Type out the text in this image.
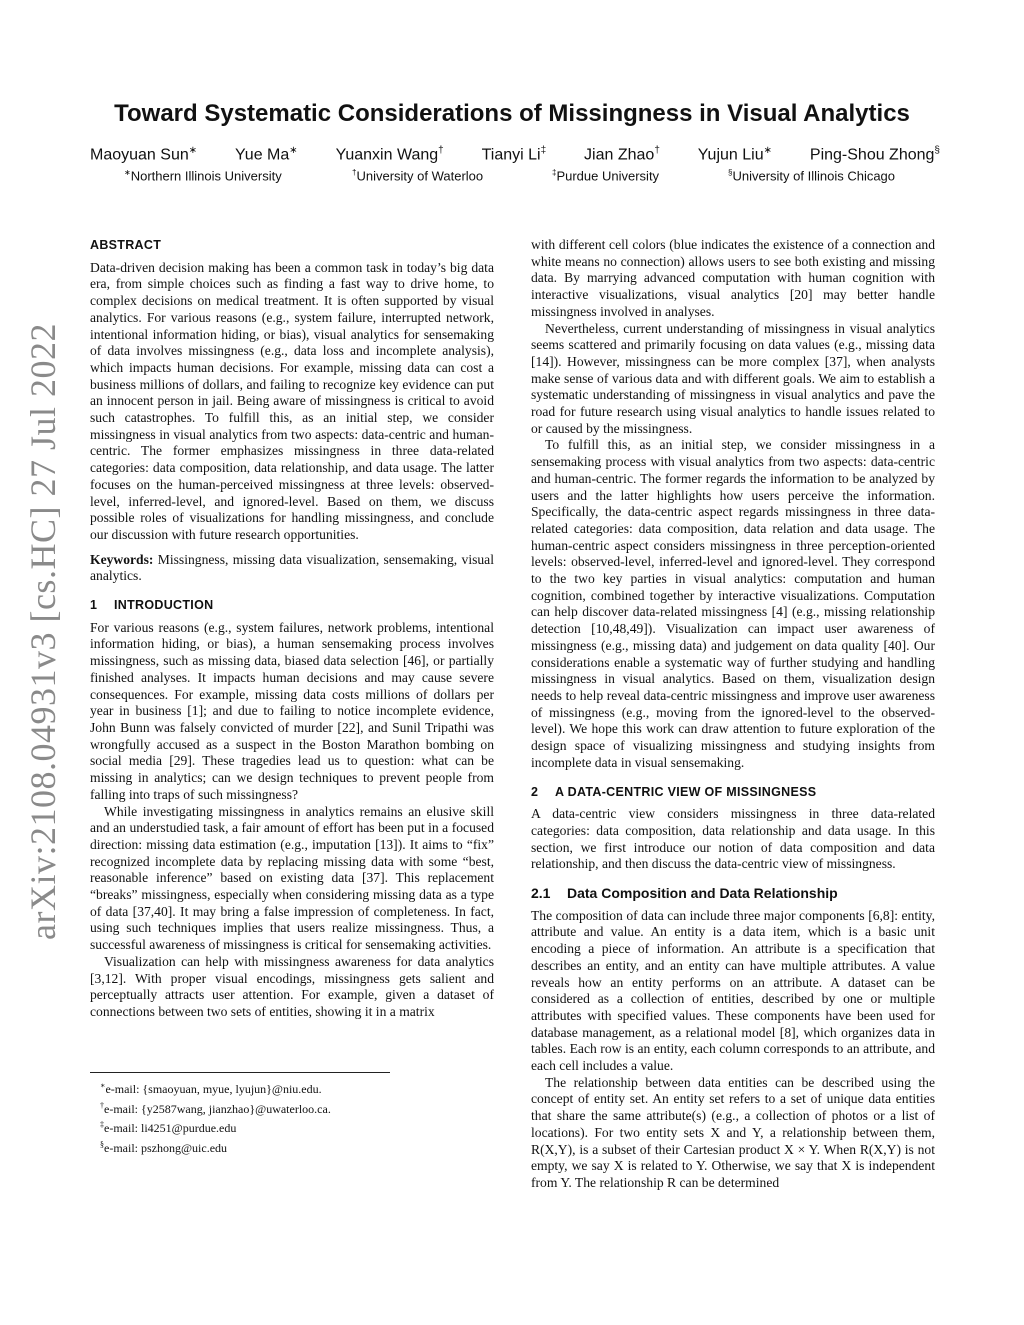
arXiv:2108.04931v3 [cs.HC] 27 Jul 2022
Toward Systematic Considerations of Missingness in Visual Analytics
Maoyuan Sun∗ Yue Ma∗ Yuanxin Wang† Tianyi Li‡ Jian Zhao† Yujun Liu∗ Ping-Shou Zhong§
∗Northern Illinois University	†University of Waterloo	‡Purdue University	§University of Illinois Chicago
ABSTRACT

Data-driven decision making has been a common task in today’s big data era, from simple choices such as finding a fast way to drive home, to complex decisions on medical treatment. It is often supported by visual analytics. For various reasons (e.g., system failure, interrupted network, intentional information hiding, or bias), visual analytics for sensemaking of data involves missingness (e.g., data loss and incomplete analysis), which impacts human decisions. For example, missing data can cost a business millions of dollars, and failing to recognize key evidence can put an innocent person in jail. Being aware of missingness is critical to avoid such catastrophes. To fulfill this, as an initial step, we consider missingness in visual analytics from two aspects: data-centric and human-centric. The former emphasizes missingness in three data-related categories: data composition, data relationship, and data usage. The latter focuses on the human-perceived missingness at three levels: observed-level, inferred-level, and ignored-level. Based on them, we discuss possible roles of visualizations for handling missingness, and conclude our discussion with future research opportunities.

Keywords: Missingness, missing data visualization, sensemaking, visual analytics.

1 INTRODUCTION

For various reasons (e.g., system failures, network problems, intentional information hiding, or bias), a human sensemaking process involves missingness, such as missing data, biased data selection [46], or partially finished analyses. It impacts human decisions and may cause severe consequences. For example, missing data costs millions of dollars per year in business [1]; and due to failing to notice incomplete evidence, John Bunn was falsely convicted of murder [22], and Sunil Tripathi was wrongfully accused as a suspect in the Boston Marathon bombing on social media [29]. These tragedies lead us to question: what can be missing in analytics; can we design techniques to prevent people from falling into traps of such missingness?

While investigating missingness in analytics remains an elusive skill and an understudied task, a fair amount of effort has been put in a focused direction: missing data estimation (e.g., imputation [13]). It aims to “fix” recognized incomplete data by replacing missing data with some “best, reasonable inference” based on existing data [37]. This replacement “breaks” missingness, especially when considering missing data as a type of data [37,40]. It may bring a false impression of completeness. In fact, using such techniques implies that users realize missingness. Thus, a successful awareness of missingness is critical for sensemaking activities.

Visualization can help with missingness awareness for data analytics [3,12]. With proper visual encodings, missingness gets salient and perceptually attracts user attention. For example, given a dataset of connections between two sets of entities, showing it in a matrix

with different cell colors (blue indicates the existence of a connection and white means no connection) allows users to see both existing and missing data. By marrying advanced computation with human cognition with interactive visualizations, visual analytics [20] may better handle missingness involved in analyses.

Nevertheless, current understanding of missingness in visual analytics seems scattered and primarily focusing on data values (e.g., missing data [14]). However, missingness can be more complex [37], when analysts make sense of various data and with different goals. We aim to establish a systematic understanding of missingness in visual analytics and pave the road for future research using visual analytics to handle issues related to or caused by the missingness.

To fulfill this, as an initial step, we consider missingness in a sensemaking process with visual analytics from two aspects: data-centric and human-centric. The former regards the information to be analyzed by users and the latter highlights how users perceive the information. Specifically, the data-centric aspect regards missingness in three data-related categories: data composition, data relation and data usage. The human-centric aspect considers missingness in three perception-oriented levels: observed-level, inferred-level and ignored-level. They correspond to the two key parties in visual analytics: computation and human cognition, combined together by interactive visualizations. Computation can help discover data-related missingness [4] (e.g., missing relationship detection [10,48,49]). Visualization can impact user awareness of missingness (e.g., missing data) and judgement on data quality [40]. Our considerations enable a systematic way of further studying and handling missingness in visual analytics. Based on them, visualization design needs to help reveal data-centric missingness and improve user awareness of missingness (e.g., moving from the ignored-level to the observed-level). We hope this work can draw attention to future exploration of the design space of visualizing missingness and studying insights from incomplete data in visual sensemaking.

2 A DATA-CENTRIC VIEW OF MISSINGNESS

A data-centric view considers missingness in three data-related categories: data composition, data relationship and data usage. In this section, we first introduce our notion of data composition and data relationship, and then discuss the data-centric view of missingness.

2.1 Data Composition and Data Relationship

The composition of data can include three major components [6,8]: entity, attribute and value. An entity is a data item, which is a basic unit encoding a piece of information. An attribute is a specification that describes an entity, and an entity can have multiple attributes. A value reveals how an entity performs on an attribute. A dataset can be considered as a collection of entities, described by one or multiple attributes with specified values. These components have been used for database management, as a relational model [8], which organizes data in tables. Each row is an entity, each column corresponds to an attribute, and each cell includes a value.

The relationship between data entities can be described using the concept of entity set. An entity set refers to a set of unique data entities that share the same attribute(s) (e.g., a collection of photos or a list of locations). For two entity sets X and Y, a relationship between them, R(X,Y), is a subset of their Cartesian product X × Y. When R(X,Y) is not empty, we say X is related to Y. Otherwise, we say that X is independent from Y. The relationship R can be determined

∗e-mail: {smaoyuan, myue, lyujun}@niu.edu.
†e-mail: {y2587wang, jianzhao}@uwaterloo.ca.
‡e-mail: li4251@purdue.edu
§e-mail: pszhong@uic.edu
